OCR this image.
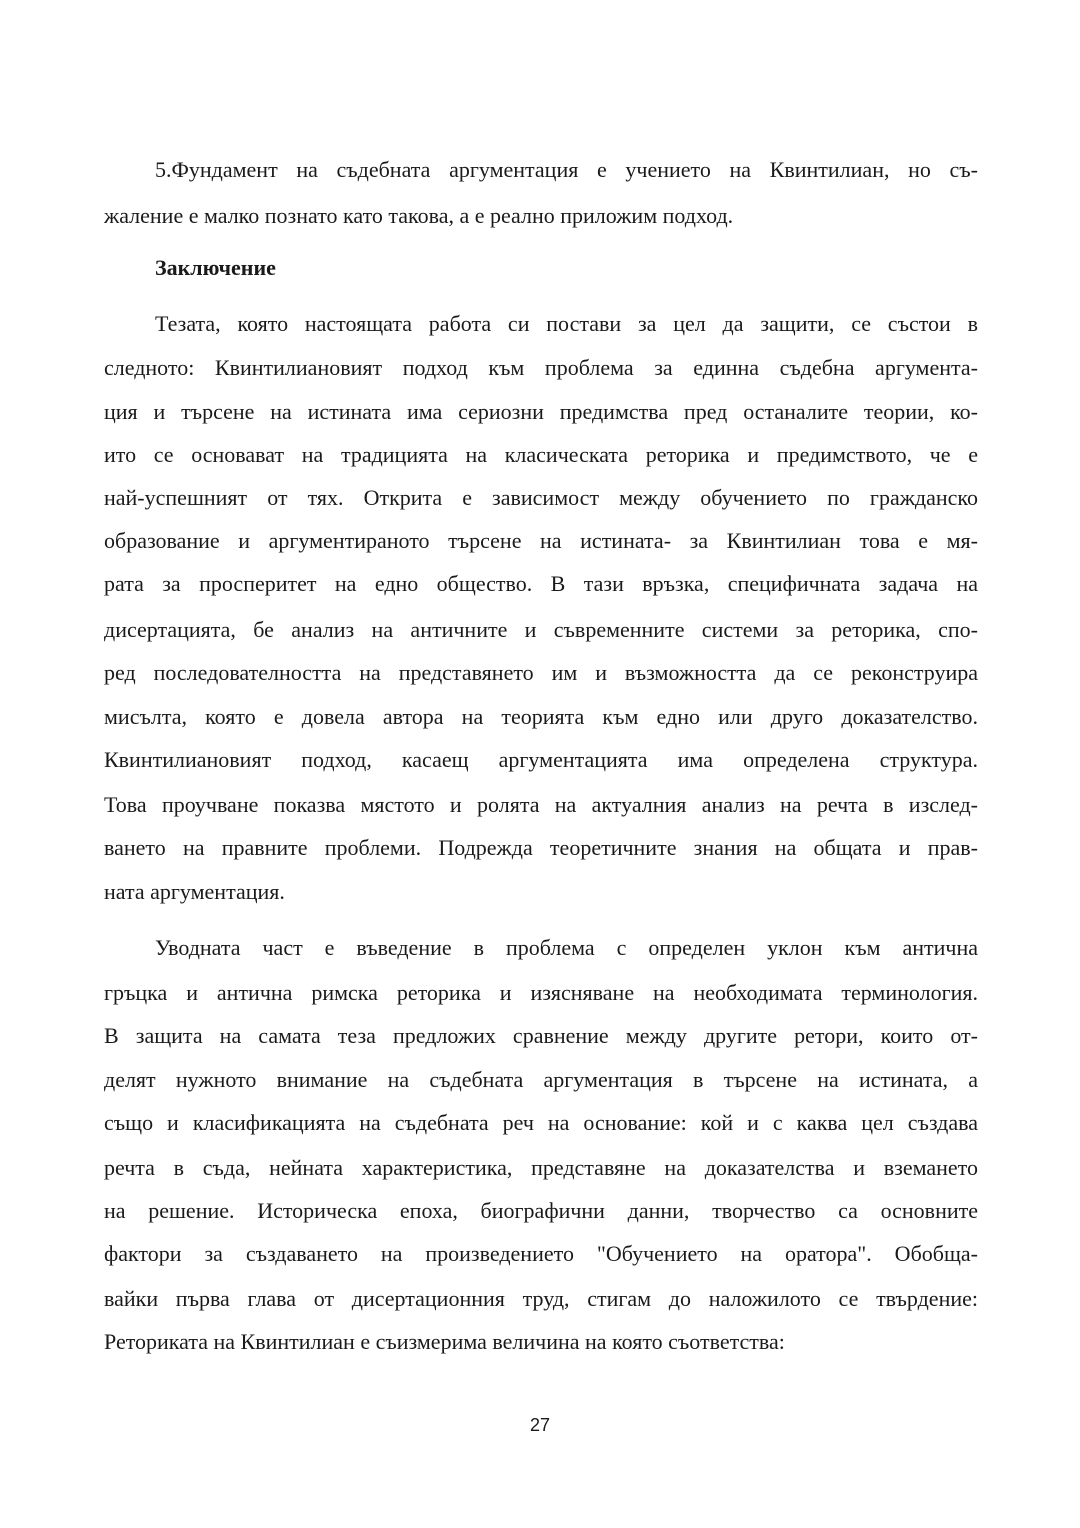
5.Фундамент на съдебната аргументация е учението на Квинтилиан, но съ-
жаление е малко познато като такова, а е реално приложим подход.
Заключение
Тезата, която настоящата работа си постави за цел да защити, се състои в
следното: Квинтилиановият подход към проблема за единна съдебна аргумента-
ция и търсене на истината има сериозни предимства пред останалите теории, ко-
ито се основават на традицията на класическата реторика и предимството, че е
най-успешният от тях. Открита е зависимост между обучението по гражданско
образование и аргументираното търсене на истината- за Квинтилиан това е мя-
рата за просперитет на едно общество. В тази връзка, специфичната задача на
дисертацията, бе анализ на античните и съвременните системи за реторика, спо-
ред последователността на представянето им и възможността да се реконструира
мисълта, която е довела автора на теорията към едно или друго доказателство.
Квинтилиановият подход, касаещ аргументацията има определена структура.
Това проучване показва мястото и ролята на актуалния анализ на речта в изслед-
ването на правните проблеми. Подрежда теоретичните знания на общата и прав-
ната аргументация.
Уводната част е въведение в проблема с определен уклон към антична
гръцка и антична римска реторика и изясняване на необходимата терминология.
В защита на самата теза предложих сравнение между другите ретори, които от-
делят нужното внимание на съдебната аргументация в търсене на истината, а
също и класификацията на съдебната реч на основание: кой и с каква цел създава
речта в съда, нейната характеристика, представяне на доказателства и вземането
на решение. Историческа епоха, биографични данни, творчество са основните
фактори за създаването на произведението "Обучението на оратора". Обобща-
вайки първа глава от дисертационния труд, стигам до наложилото се твърдение:
Реториката на Квинтилиан е съизмерима величина на която съответства:
27
